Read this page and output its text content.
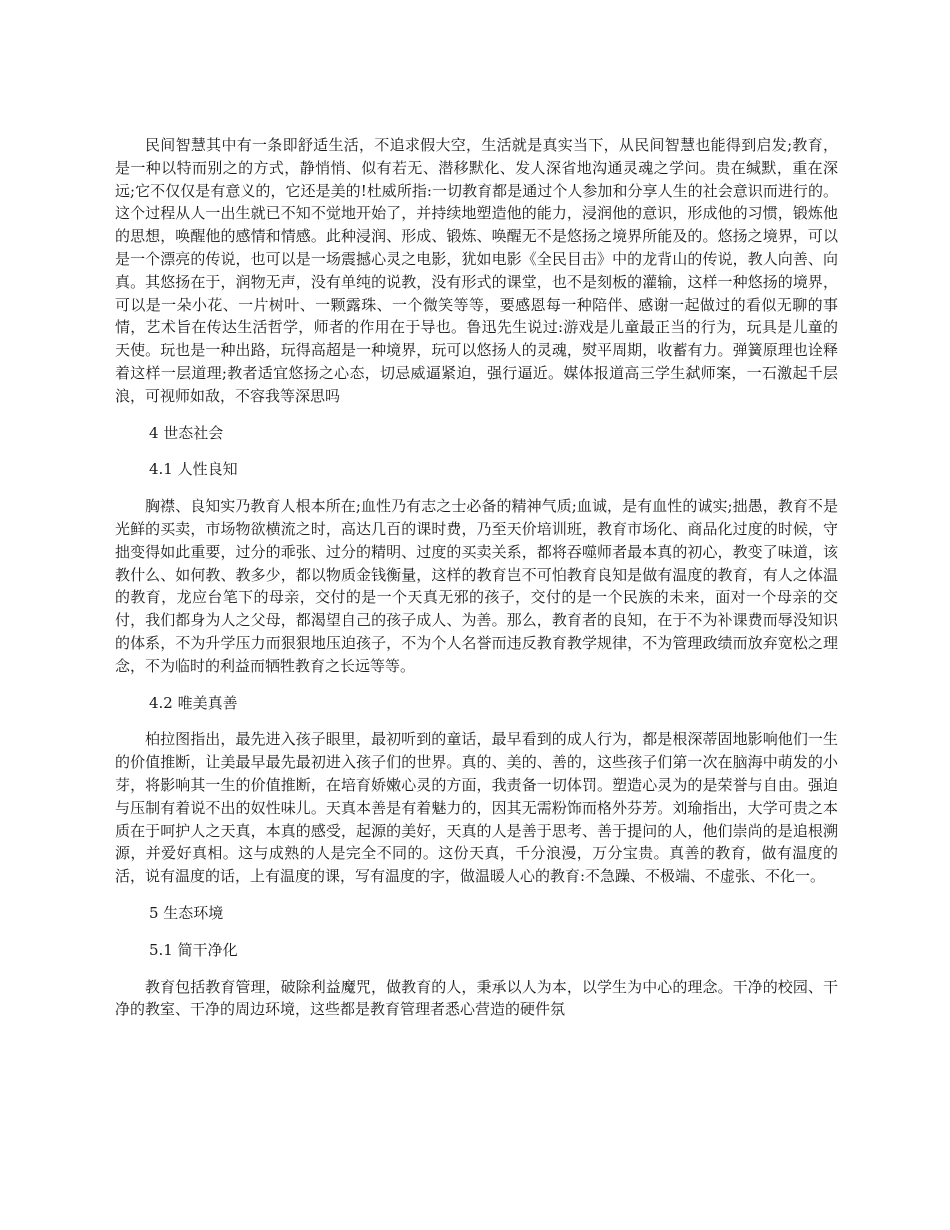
民间智慧其中有一条即舒适生活，不追求假大空，生活就是真实当下，从民间智慧也能得到启发;教育，是一种以特而别之的方式，静悄悄、似有若无、潜移默化、发人深省地沟通灵魂之学问。贵在缄默，重在深远;它不仅仅是有意义的，它还是美的!杜威所指:一切教育都是通过个人参加和分享人生的社会意识而进行的。这个过程从人一出生就已不知不觉地开始了，并持续地塑造他的能力，浸润他的意识，形成他的习惯，锻炼他的思想，唤醒他的感情和情感。此种浸润、形成、锻炼、唤醒无不是悠扬之境界所能及的。悠扬之境界，可以是一个漂亮的传说，也可以是一场震撼心灵之电影，犹如电影《全民目击》中的龙背山的传说，教人向善、向真。其悠扬在于，润物无声，没有单纯的说教，没有形式的课堂，也不是刻板的灌输，这样一种悠扬的境界，可以是一朵小花、一片树叶、一颗露珠、一个微笑等等，要感恩每一种陪伴、感谢一起做过的看似无聊的事情，艺术旨在传达生活哲学，师者的作用在于导也。鲁迅先生说过:游戏是儿童最正当的行为，玩具是儿童的天使。玩也是一种出路，玩得高超是一种境界，玩可以悠扬人的灵魂，熨平周期，收蓄有力。弹簧原理也诠释着这样一层道理;教者适宜悠扬之心态，切忌威逼紧迫，强行逼近。媒体报道高三学生弑师案，一石激起千层浪，可视师如敌，不容我等深思吗

4 世态社会
4.1 人性良知

胸襟、良知实乃教育人根本所在;血性乃有志之士必备的精神气质;血诚，是有血性的诚实;拙愚，教育不是光鲜的买卖，市场物欲横流之时，高达几百的课时费，乃至天价培训班，教育市场化、商品化过度的时候，守拙变得如此重要，过分的乖张、过分的精明、过度的买卖关系，都将吞噬师者最本真的初心，教变了味道，该教什么、如何教、教多少，都以物质金钱衡量，这样的教育岂不可怕教育良知是做有温度的教育，有人之体温的教育，龙应台笔下的母亲，交付的是一个天真无邪的孩子，交付的是一个民族的未来，面对一个母亲的交付，我们都身为人之父母，都渴望自己的孩子成人、为善。那么，教育者的良知，在于不为补课费而辱没知识的体系，不为升学压力而狠狠地压迫孩子，不为个人名誉而违反教育教学规律，不为管理政绩而放弃宽松之理念，不为临时的利益而牺牲教育之长远等等。

4.2 唯美真善

柏拉图指出，最先进入孩子眼里，最初听到的童话，最早看到的成人行为，都是根深蒂固地影响他们一生的价值推断，让美最早最先最初进入孩子们的世界。真的、美的、善的，这些孩子们第一次在脑海中萌发的小芽，将影响其一生的价值推断，在培育娇嫩心灵的方面，我责备一切体罚。塑造心灵为的是荣誉与自由。强迫与压制有着说不出的奴性味儿。天真本善是有着魅力的，因其无需粉饰而格外芬芳。刘瑜指出，大学可贵之本质在于呵护人之天真，本真的感受，起源的美好，天真的人是善于思考、善于提问的人，他们崇尚的是追根溯源，并爱好真相。这与成熟的人是完全不同的。这份天真，千分浪漫，万分宝贵。真善的教育，做有温度的活，说有温度的话，上有温度的课，写有温度的字，做温暖人心的教育:不急躁、不极端、不虚张、不化一。

5 生态环境
5.1 简干净化

教育包括教育管理，破除利益魔咒，做教育的人，秉承以人为本，以学生为中心的理念。干净的校园、干净的教室、干净的周边环境，这些都是教育管理者悉心营造的硬件氛
